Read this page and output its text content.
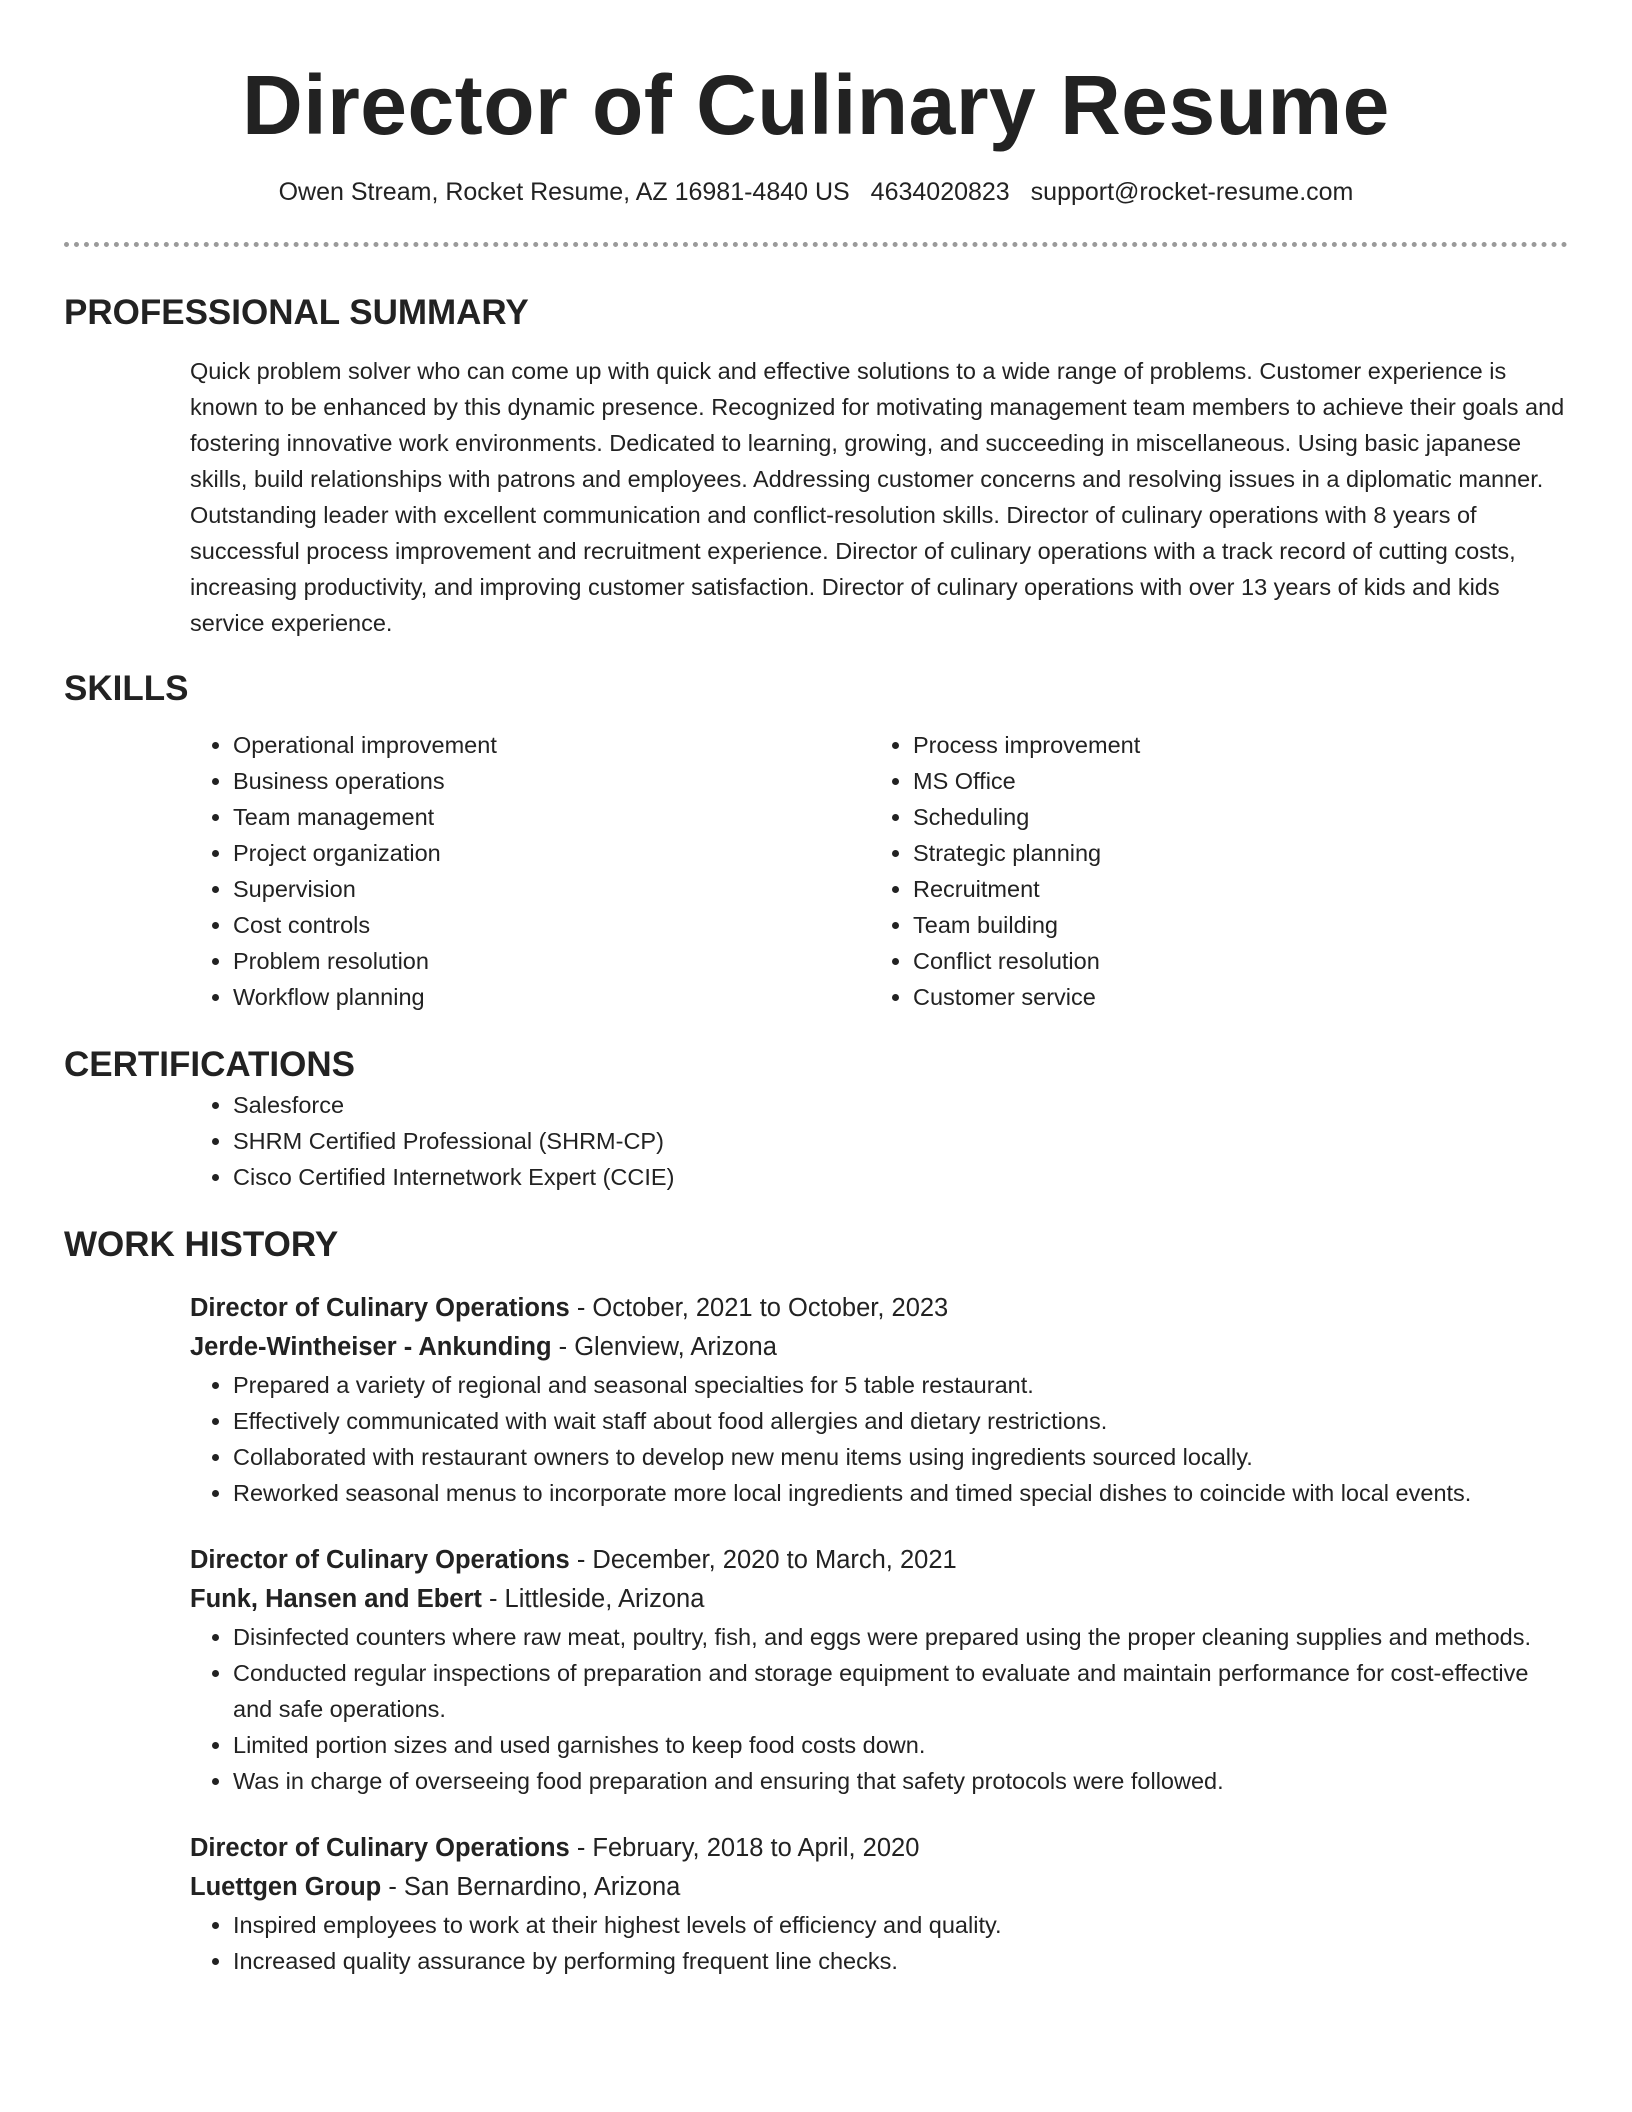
Director of Culinary Resume
Owen Stream, Rocket Resume, AZ 16981-4840 US 4634020823 support@rocket-resume.com
PROFESSIONAL SUMMARY

Quick problem solver who can come up with quick and effective solutions to a wide range of problems. Customer experience is known to be enhanced by this dynamic presence. Recognized for motivating management team members to achieve their goals and fostering innovative work environments. Dedicated to learning, growing, and succeeding in miscellaneous. Using basic japanese skills, build relationships with patrons and employees. Addressing customer concerns and resolving issues in a diplomatic manner. Outstanding leader with excellent communication and conflict-resolution skills. Director of culinary operations with 8 years of successful process improvement and recruitment experience. Director of culinary operations with a track record of cutting costs, increasing productivity, and improving customer satisfaction. Director of culinary operations with over 13 years of kids and kids service experience.

SKILLS
• Operational improvement
• Business operations
• Team management
• Project organization
• Supervision
• Cost controls
• Problem resolution
• Workflow planning
• Process improvement
• MS Office
• Scheduling
• Strategic planning
• Recruitment
• Team building
• Conflict resolution
• Customer service
CERTIFICATIONS
• Salesforce
• SHRM Certified Professional (SHRM-CP)
• Cisco Certified Internetwork Expert (CCIE)
WORK HISTORY
Director of Culinary Operations - October, 2021 to October, 2023
Jerde-Wintheiser - Ankunding - Glenview, Arizona
• Prepared a variety of regional and seasonal specialties for 5 table restaurant.
• Effectively communicated with wait staff about food allergies and dietary restrictions.
• Collaborated with restaurant owners to develop new menu items using ingredients sourced locally.
• Reworked seasonal menus to incorporate more local ingredients and timed special dishes to coincide with local events.
Director of Culinary Operations - December, 2020 to March, 2021
Funk, Hansen and Ebert - Littleside, Arizona
• Disinfected counters where raw meat, poultry, fish, and eggs were prepared using the proper cleaning supplies and methods.
• Conducted regular inspections of preparation and storage equipment to evaluate and maintain performance for cost-effective and safe operations.
• Limited portion sizes and used garnishes to keep food costs down.
• Was in charge of overseeing food preparation and ensuring that safety protocols were followed.
Director of Culinary Operations - February, 2018 to April, 2020
Luettgen Group - San Bernardino, Arizona
• Inspired employees to work at their highest levels of efficiency and quality.
• Increased quality assurance by performing frequent line checks.
